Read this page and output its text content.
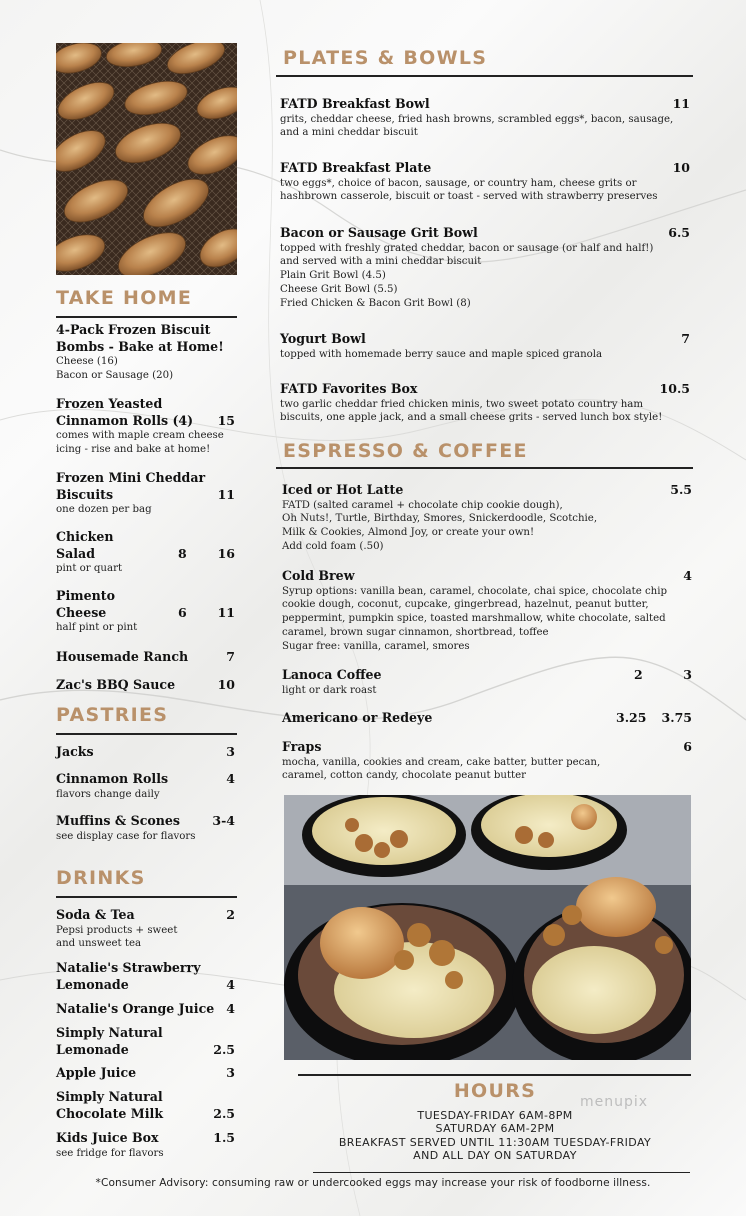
TAKE HOME
4-Pack Frozen Biscuit
Bombs - Bake at Home!
Cheese (16)
Bacon or Sausage (20)
Frozen Yeasted
Cinnamon Rolls (4)
comes with maple cream cheese
icing - rise and bake at home!
15
Frozen Mini Cheddar
Biscuits
one dozen per bag
11
Chicken
Salad
pint or quart
8 16
Pimento
Cheese
half pint or pint
6 11
Housemade Ranch	7
Zac's BBQ Sauce	10
PASTRIES
Jacks	3
Cinnamon Rolls
flavors change daily
4
Muffins & Scones
see display case for flavors
3-4
DRINKS
Soda & Tea
Pepsi products + sweet
and unsweet tea
2
Natalie's Strawberry
Lemonade	4
Natalie's Orange Juice 4
Simply Natural
Lemonade	2.5
Apple Juice	3
Simply Natural
Chocolate Milk	2.5
Kids Juice Box
see fridge for flavors
1.5
PLATES & BOWLS
FATD Breakfast Bowl
grits, cheddar cheese, fried hash browns, scrambled eggs*, bacon, sausage,
and a mini cheddar biscuit
11
FATD Breakfast Plate
two eggs*, choice of bacon, sausage, or country ham, cheese grits or
hashbrown casserole, biscuit or toast - served with strawberry preserves
10
Bacon or Sausage Grit Bowl
topped with freshly grated cheddar, bacon or sausage (or half and half!)
and served with a mini cheddar biscuit
Plain Grit Bowl (4.5)
Cheese Grit Bowl (5.5)
Fried Chicken & Bacon Grit Bowl (8)
6.5
Yogurt Bowl
topped with homemade berry sauce and maple spiced granola
7
FATD Favorites Box
two garlic cheddar fried chicken minis, two sweet potato country ham
biscuits, one apple jack, and a small cheese grits - served lunch box style!
10.5
ESPRESSO & COFFEE
Iced or Hot Latte
FATD (salted caramel + chocolate chip cookie dough),
Oh Nuts!, Turtle, Birthday, Smores, Snickerdoodle, Scotchie,
Milk & Cookies, Almond Joy, or create your own!
Add cold foam (.50)
5.5
Cold Brew
Syrup options: vanilla bean, caramel, chocolate, chai spice, chocolate chip
cookie dough, coconut, cupcake, gingerbread, hazelnut, peanut butter,
peppermint, pumpkin spice, toasted marshmallow, white chocolate, salted
caramel, brown sugar cinnamon, shortbread, toffee
Sugar free: vanilla, caramel, smores
4
Lanoca Coffee
light or dark roast
2	3
Americano or Redeye	3.25 3.75
Fraps
mocha, vanilla, cookies and cream, cake batter, butter pecan,
caramel, cotton candy, chocolate peanut butter
6
HOURS
TUESDAY-FRIDAY 6AM-8PM
SATURDAY 6AM-2PM
BREAKFAST SERVED UNTIL 11:30AM TUESDAY-FRIDAY
AND ALL DAY ON SATURDAY
menupix
*Consumer Advisory: consuming raw or undercooked eggs may increase your risk of foodborne illness.
